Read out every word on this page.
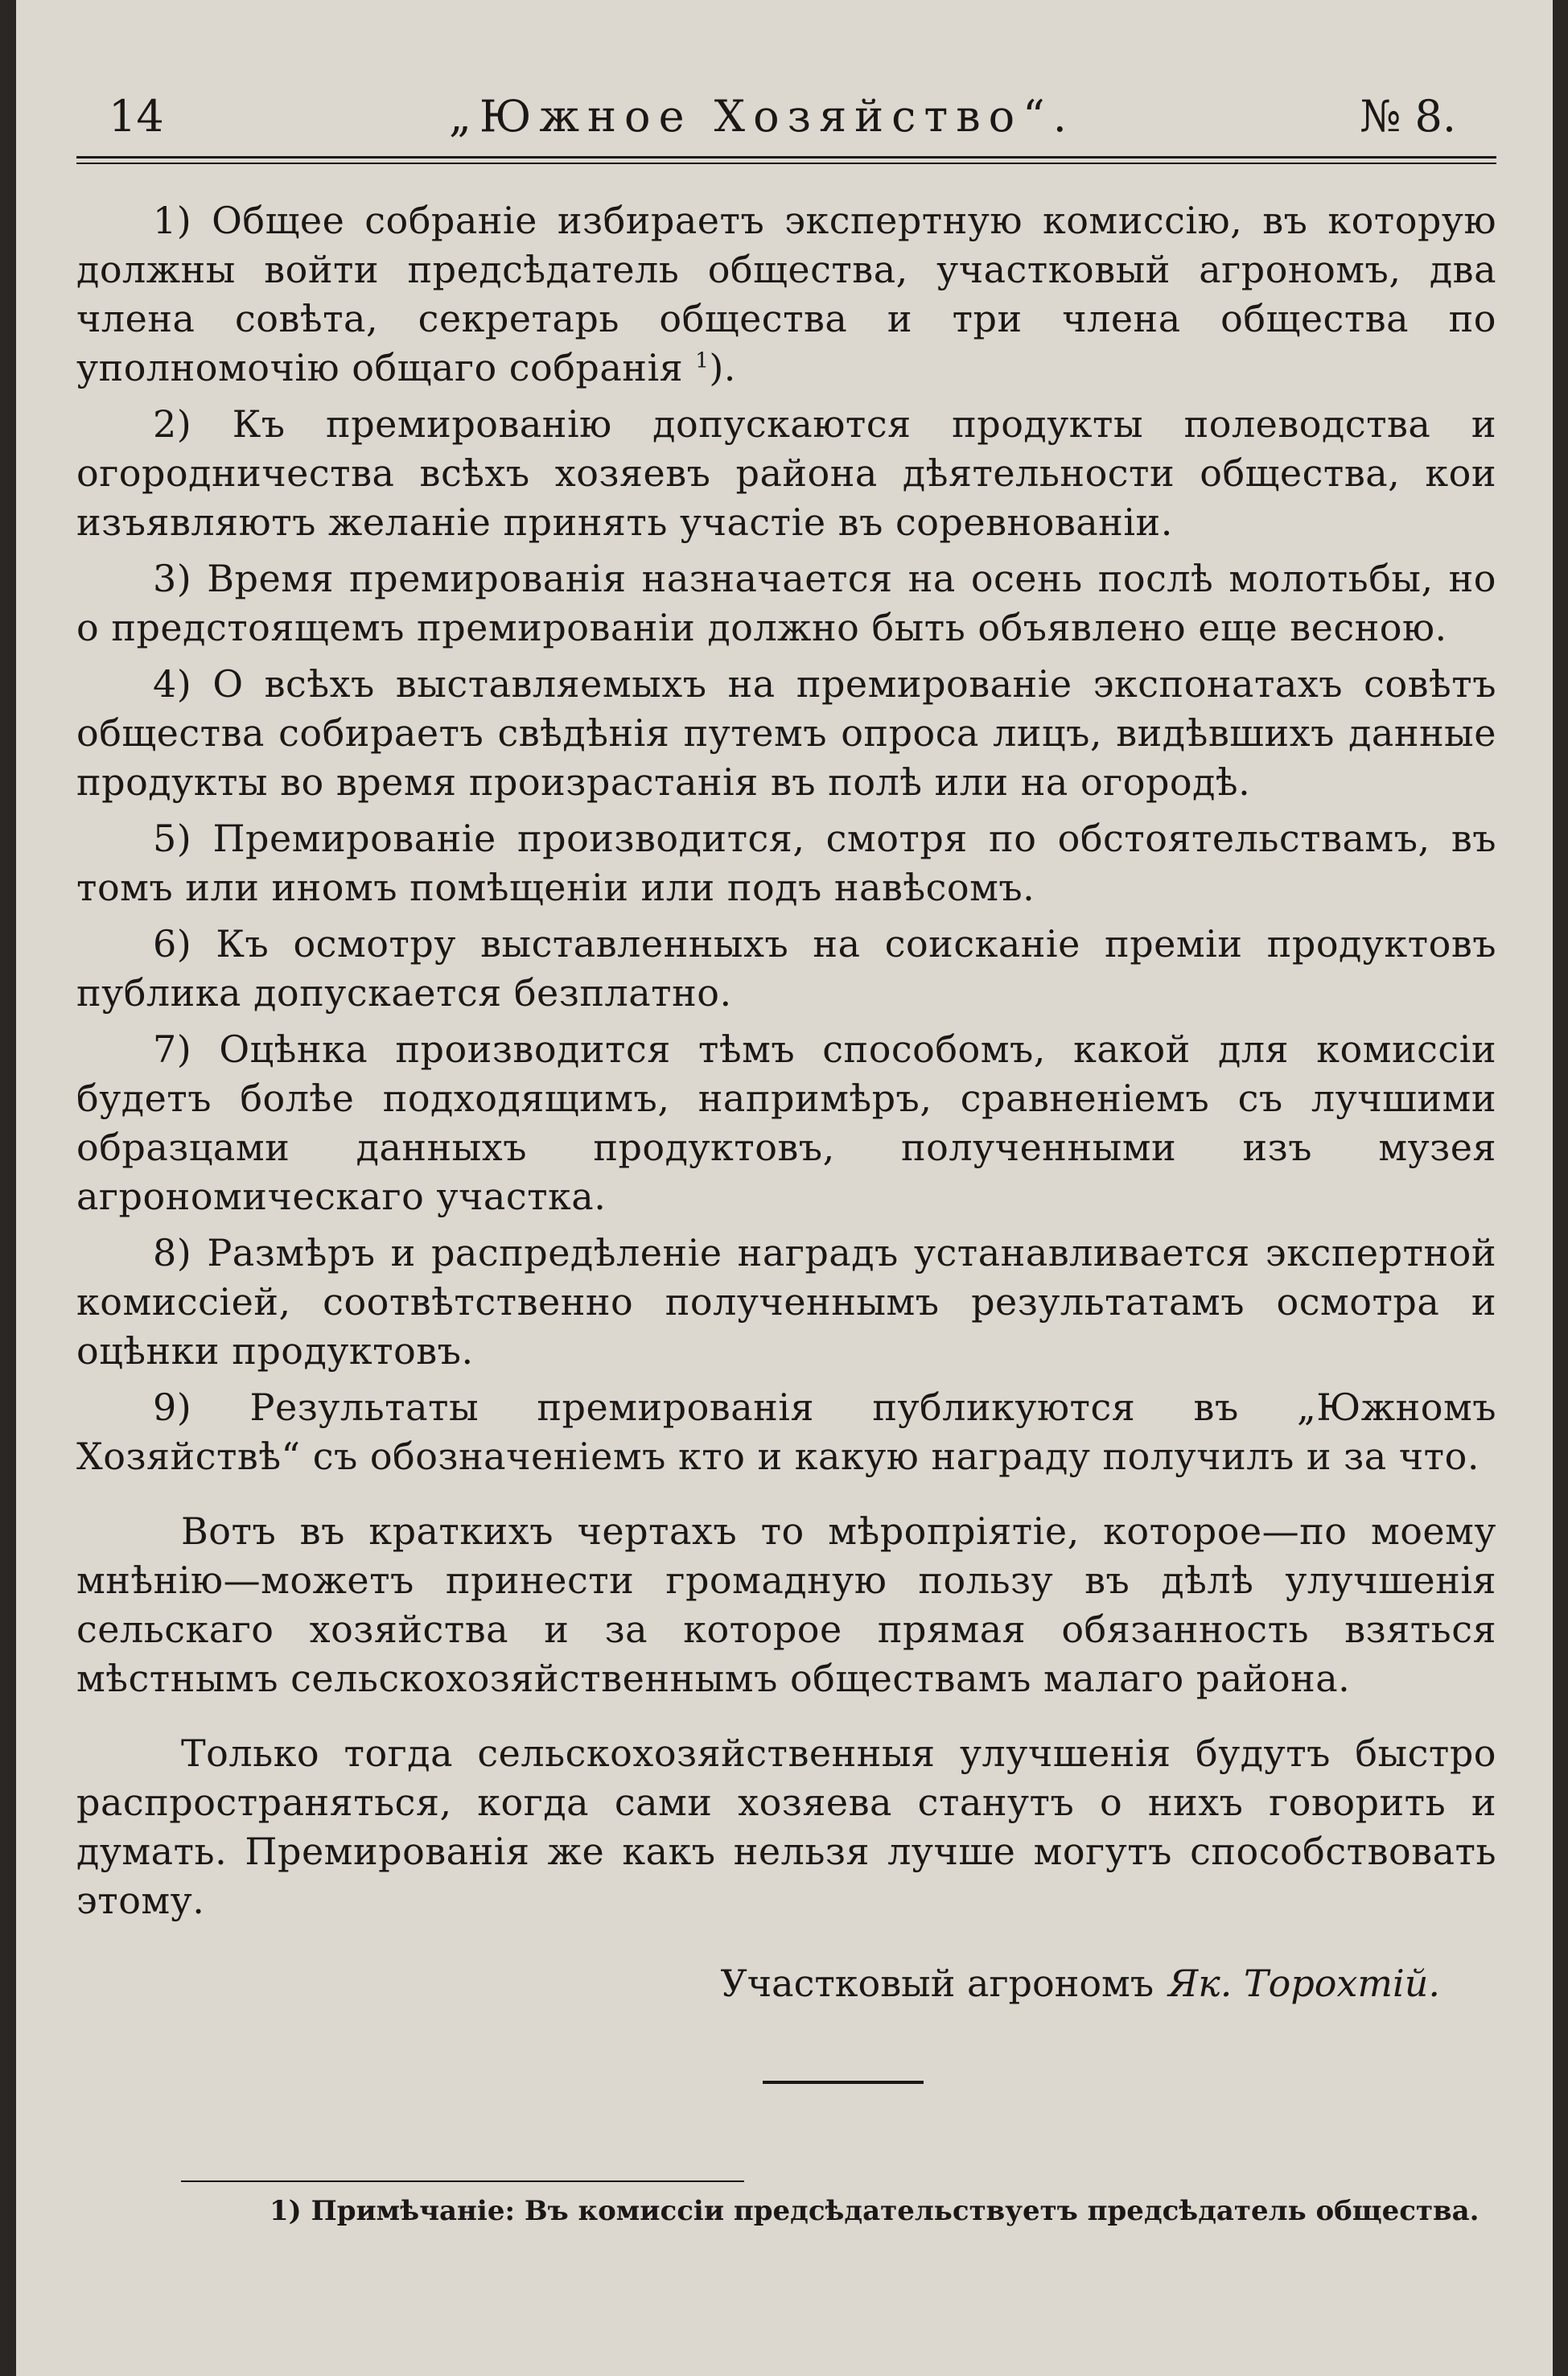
14	„Южное Хозяйство“.	№ 8.

1) Общее собраніе избираетъ экспертную комиссію, въ которую должны войти предсѣдатель общества, участковый агрономъ, два члена совѣта, секретарь общества и три члена общества по уполномочію общаго собранія $^1$).

2) Къ премированію допускаются продукты полеводства и огородничества всѣхъ хозяевъ района дѣятельности общества, кои изъявляютъ желаніе принять участіе въ соревнованіи.

3) Время премированія назначается на осень послѣ молотьбы, но о предстоящемъ премированіи должно быть объявлено еще весною.

4) О всѣхъ выставляемыхъ на премированіе экспонатахъ совѣтъ общества собираетъ свѣдѣнія путемъ опроса лицъ, видѣвшихъ данные продукты во время произрастанія въ полѣ или на огородѣ.

5) Премированіе производится, смотря по обстоятельствамъ, въ томъ или иномъ помѣщеніи или подъ навѣсомъ.

6) Къ осмотру выставленныхъ на соисканіе преміи продуктовъ публика допускается безплатно.

7) Оцѣнка производится тѣмъ способомъ, какой для комиссіи будетъ болѣе подходящимъ, напримѣръ, сравненіемъ съ лучшими образцами данныхъ продуктовъ, полученными изъ музея агрономическаго участка.

8) Размѣръ и распредѣленіе наградъ устанавливается экспертной комиссіей, соотвѣтственно полученнымъ результатамъ осмотра и оцѣнки продуктовъ.

9) Результаты премированія публикуются въ „Южномъ Хозяйствѣ“ съ обозначеніемъ кто и какую награду получилъ и за что.

Вотъ въ краткихъ чертахъ то мѣропріятіе, которое—по моему мнѣнію—можетъ принести громадную пользу въ дѣлѣ улучшенія сельскаго хозяйства и за которое прямая обязанность взяться мѣстнымъ сельскохозяйственнымъ обществамъ малаго района.

Только тогда сельскохозяйственныя улучшенія будутъ быстро распространяться, когда сами хозяева станутъ о нихъ говорить и думать. Премированія же какъ нельзя лучше могутъ способствовать этому.

Участковый агрономъ Як. Торохтій.
1) Примѣчаніе: Въ комиссіи предсѣдательствуетъ предсѣдатель общества.
